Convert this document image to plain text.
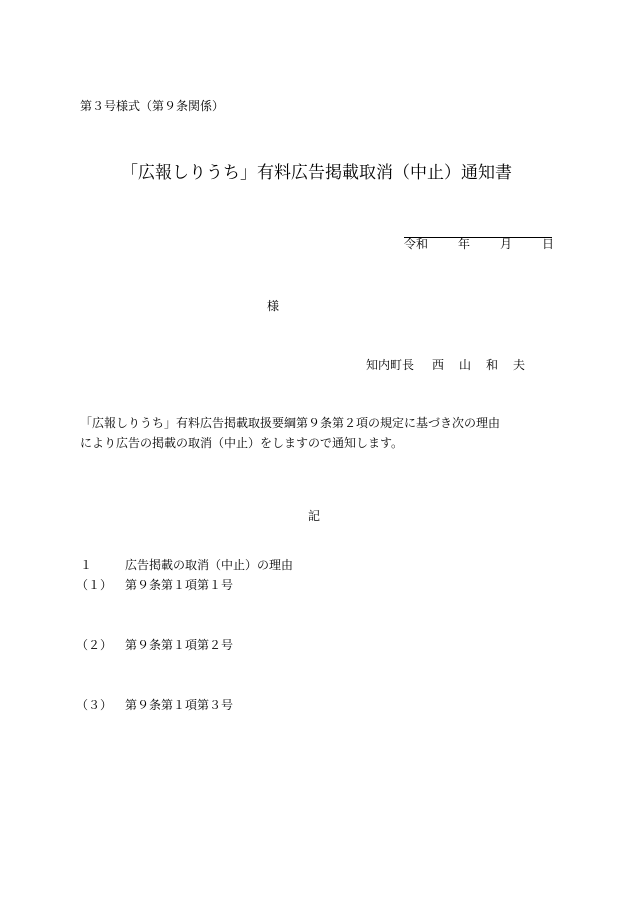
第３号様式（第９条関係）
「広報しりうち」有料広告掲載取消（中止）通知書
令和 年 月 日
様
知内町長 西 山 和 夫
「広報しりうち」有料広告掲載取扱要綱第９条第２項の規定に基づき次の理由
により広告の掲載の取消（中止）をしますので通知します。
記
１	広告掲載の取消（中止）の理由
（１） 第９条第１項第１号
（２） 第９条第１項第２号
（３） 第９条第１項第３号
